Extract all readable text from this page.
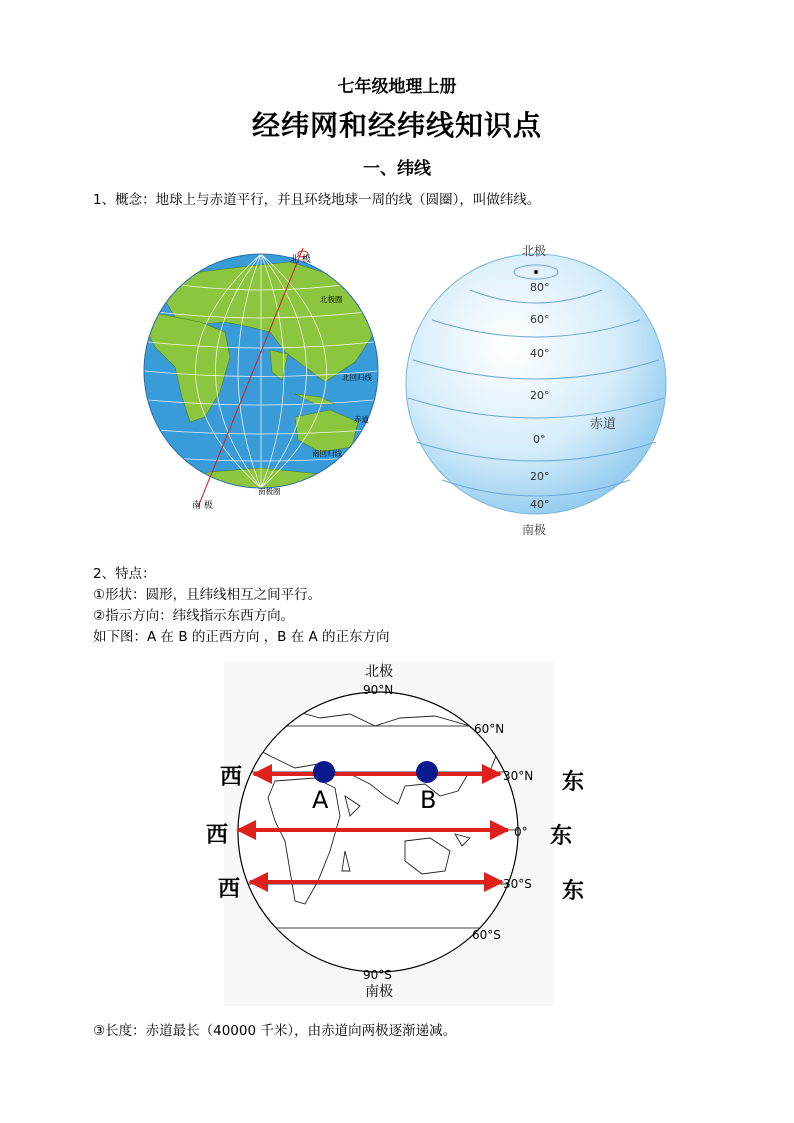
七年级地理上册
经纬网和经纬线知识点
一、纬线
1、概念：地球上与赤道平行，并且环绕地球一周的线（圆圈），叫做纬线。
北 极
南 极
北极圈
北回归线
赤道
南回归线
南极圈
北极
南极
赤道
80°
60°
40°
20°
0°
20°
40°
2、特点：
①形状：圆形，且纬线相互之间平行。
②指示方向：纬线指示东西方向。
如下图：A 在 B 的正西方向 ，B 在 A 的正东方向
A	B
北极
90°N
90°S
南极
60°N
30°N
0°
30°S
60°S
西
西
西
东
东
东
③长度：赤道最长（40000 千米），由赤道向两极逐渐递减。
